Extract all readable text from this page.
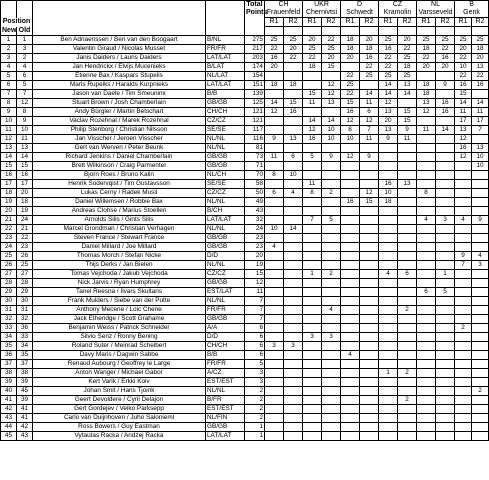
				Total	CH		UKR		D		CZ		NL		B	
				Points	Frauenfeld		Chernivtsi		Schwedt		Kramolin		Varsseveld		Genk	
Position					R1	R2	R1	R2	R1	R2	R1	R2	R1	R2	R1	R2
New	Old															
1	1	Ben Adriaenssen / Ben van den Boogaart	B/NL	275	25	25	20	22	18	20	25	20	25	25	25	25
2	3	Valentin Giraud / Nicolas Musset	FR/FR	217	22	20	25	25	18	18	16	22	18	22	20	18
3	2	Janis Daiders / Lauris Daiders	LAT/LAT	203	16	22	22	20	20	16	22	25	22	16	22	20
4	4	Jan Hendrickx / Elvijs Mucenieks	B/LAT	174	20		18	15		22	22	18	20	20	10	13
5	6	Etienne Bax / Kaspars Stupelis	NL/LAT	154					22	25	25	25			22	22
6	5	Maris Rupeiks / Haralds Kurpnieks	LAT/LAT	151	18	18		12	25		14	13	18	9	16	16
7	7	Jason van Daele / Tim Smeuninx	B/B	139			15	12	22	14	14	14	18		15	
8	12	Stuart Brown / Josh Chamberlain	GB/GB	125	14	15	11	13	15	11	12		13	16	14	14
9	8	Andy Bürgler / Martin Betschart	CH/CH	121	12	16			16	6	13	15	12	16	11	11
10	9	Vaclav Rozehnal / Marek Rozehnal	CZ/CZ	121			14	14	12	12	20	15			17	17
11	10	Philip Stenborg / Christian Nilsson	SE/SE	117			12	10	8	7	13	9	11	14	13	7
12	11	Jan Visscher / Jeroen Visscher	NL/NL	116	9	13	16	10	10	11	9	11			12	
13	13	Gert van Werven / Peter Beunk	NL/NL	81											16	13
14	14	Richard Jenkins / Daniel Chamberlain	GB/GB	73	11	6	5	9	12	9					12	10
15	15	Brett Wilkinson / Craig Parmenter	GB/GB	71												10
16	16	Bjorn Roes / Bruno Kalin	NL/CH	70	8	10										
17	17	Henrik Sodervqist / Tim Gustavsson	SE/SE	58			11				16	13				
18	20	Lukas Cerny / Radek Musil	CZ/CZ	50	6	4	8	2		12	10		8			
19	18	Daniel Willemsen / Robbie Bax	NL/NL	49					16	15	18					
20	19	Andreas Clohse / Marius Stoellen	B/CH	43												
21	24	Arnolds Silis / Gints Silis	LAT/LAT	32			7	5					4	3	4	9
22	21	Marcel Grondman / Christian Verhagen	NL/NL	24	10	14										
23	22	Steven France / Stewart France	GB/GB	23												
24	23	Daniel Millard / Joe Millard	GB/GB	23	4											
25	26	Thomas Morch / Stefan Nicke	D/D	20											9	4
26	25	Thijs Derks / Jan Bielen	NL/NL	19											7	3
27	27	Tomas Vejchoda / Jakub Vejchoda	CZ/CZ	15			1	2			4	6		1		
28	28	Nick Jarvis / Ryan Humphrey	GB/GB	12												
29	29	Tanel Reesna / Ilvars Skultans	EST/LAT	11									6	5		
30	30	Frank Mulders / Siebe van der Putte	NL/NL	7												
31	31	Anthony Mecene / Loic Chene	FR/FR	7				4				2				
32	32	Jack Etheridge / Scott Grahame	GB/GB	7												
33	36	Benjamin Weiss / Patrick Schneider	A/A	6											2	
34	33	Silvio Senz / Ronny Bening	D/D	6			3	3								
35	34	Roland Suter / Meinrad Schelbert	CH/CH	6	3	3										
36	35	Davy Maris / Dagwin Sabbe	B/B	6					4							
37	37	Renaud Aubourg / Geoffrey le Large	FR/FR	5												
38	38	Anton Wanger / Michael Gabor	A/CZ	3							1	2				
39	39	Kert Varik / Erkki Koiv	EST/EST	3												
40	45	Johan Smit / Hans Tjoink	NL/NL	2												2
41	39	Geert Devoldere / Cyril Delajon	B/FR	2								2				
42	41	Gert Gordejev / Veiko Parksepp	EST/EST	2												
43	41	Carlo van Duijnhoven / Juho Salonieml	NL/FIN	2												
44	42	Ross Bowers / Guy Eastman	GB/GB	1												
45	43	Vytautas Racka / Andzej Racka	LAT/LAT	1												
